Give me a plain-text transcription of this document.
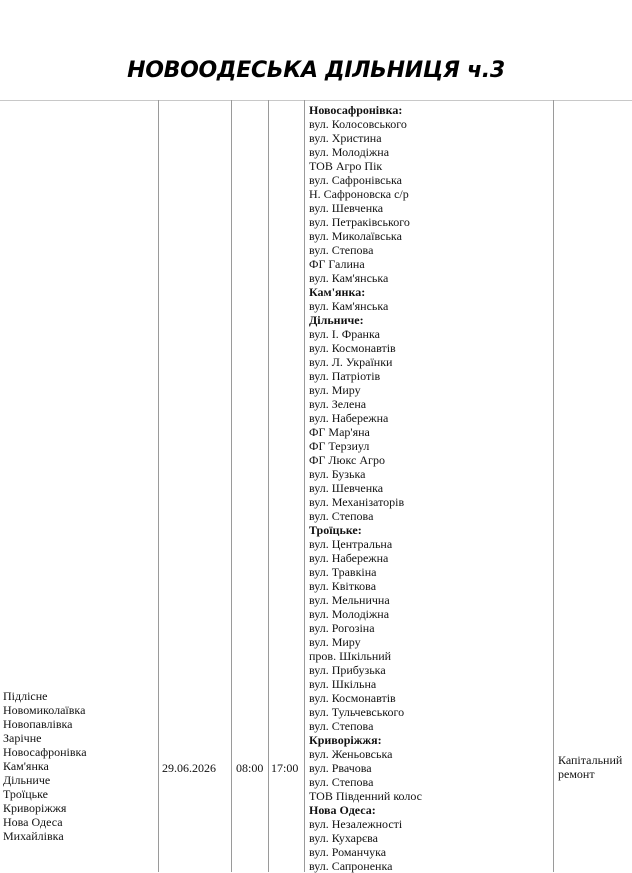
НОВООДЕСЬКА ДІЛЬНИЦЯ ч.3
Підлісне
Новомиколаївка
Новопавлівка
Зарічне
Новосафронівка
Кам'янка
Дільниче
Троїцьке
Криворіжжя
Нова Одеса
Михайлівка
29.06.2026 08:00 17:00
Новосафронівка:
вул. Колосовського
вул. Христина
вул. Молодіжна
ТОВ Агро Пік
вул. Сафронівська
Н. Сафроновска с/р
вул. Шевченка
вул. Петраківського
вул. Миколаївська
вул. Степова
ФГ Галина
вул. Кам'янська
Кам'янка:
вул. Кам'янська
Дільниче:
вул. І. Франка
вул. Космонавтів
вул. Л. Українки
вул. Патріотів
вул. Миру
вул. Зелена
вул. Набережна
ФГ Мар'яна
ФГ Терзиул
ФГ Люкс Агро
вул. Бузька
вул. Шевченка
вул. Механізаторів
вул. Степова
Троїцьке:
вул. Центральна
вул. Набережна
вул. Травкіна
вул. Квіткова
вул. Мельнична
вул. Молодіжна
вул. Рогозіна
вул. Миру
пров. Шкільний
вул. Прибузька
вул. Шкільна
вул. Космонавтів
вул. Тульчевського
вул. Степова
Криворіжжя:
вул. Женьовська
вул. Рвачова
вул. Степова
ТОВ Південний колос
Нова Одеса:
вул. Незалежності
вул. Кухарєва
вул. Романчука
вул. Сапроненка
Капітальний
ремонт
